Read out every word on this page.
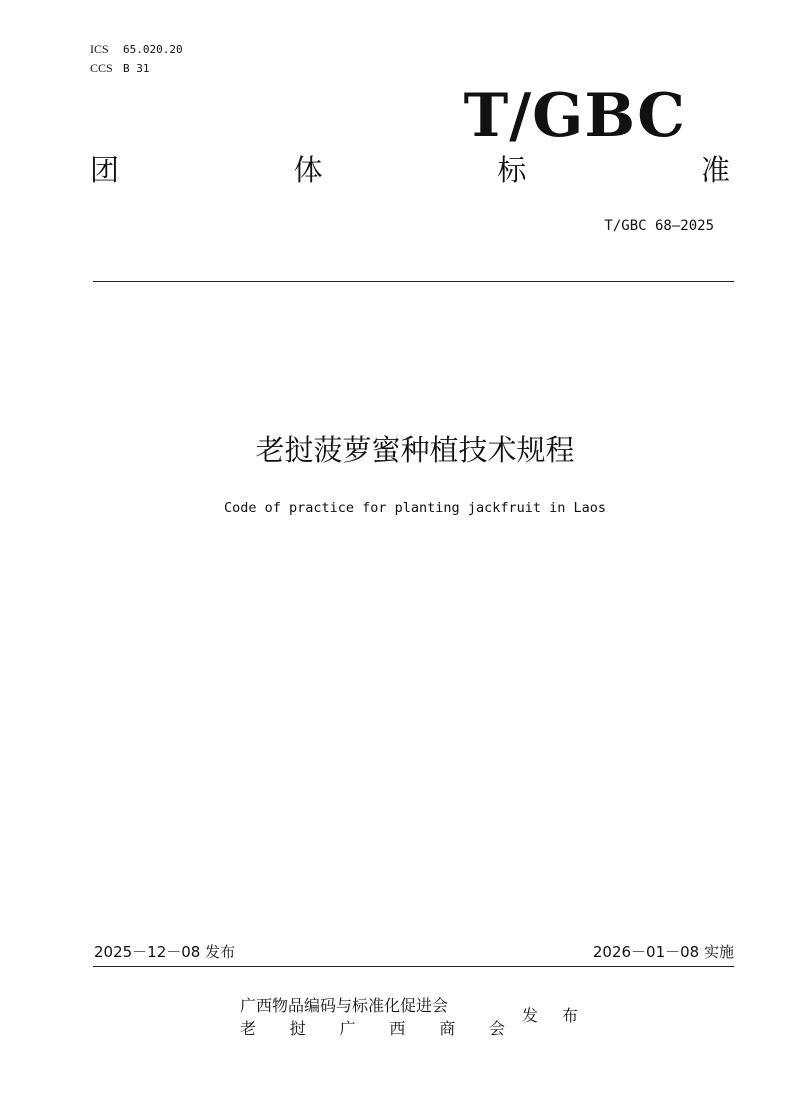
ICS 65.020.20
CCS B 31
T/GBC
团	体	标	准
T/GBC 68—2025
老挝菠萝蜜种植技术规程
Code of practice for planting jackfruit in Laos
2025－12－08 发布	2026－01－08 实施
广西物品编码与标准化促进会
老 挝 广 西 商 会
发 布
